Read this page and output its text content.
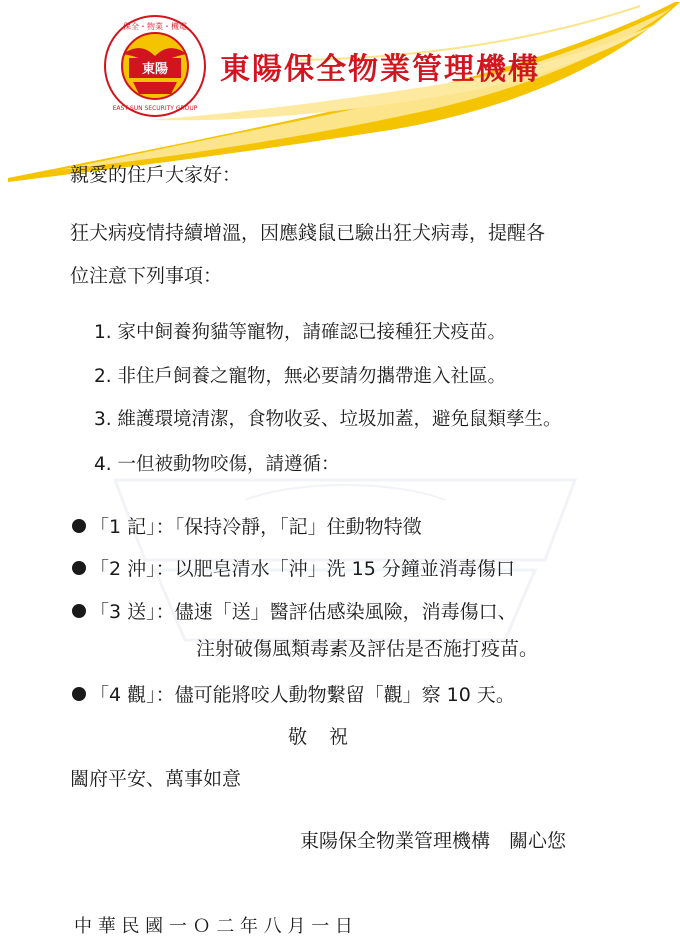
東陽
保全・物業・機電
EAST SUN SECURITY GROUP
東陽保全物業管理機構
親愛的住戶大家好：
狂犬病疫情持續增溫，因應錢鼠已驗出狂犬病毒，提醒各
位注意下列事項：
1. 家中飼養狗貓等寵物，請確認已接種狂犬疫苗。
2. 非住戶飼養之寵物，無必要請勿攜帶進入社區。
3. 維護環境清潔，食物收妥、垃圾加蓋，避免鼠類孳生。
4. 一但被動物咬傷，請遵循：
「1 記」：「保持冷靜，「記」住動物特徵
「2 沖」：以肥皂清水「沖」洗 15 分鐘並消毒傷口
「3 送」：儘速「送」醫評估感染風險，消毒傷口、
注射破傷風類毒素及評估是否施打疫苗。
「4 觀」：儘可能將咬人動物繫留「觀」察 10 天。
敬祝
闔府平安、萬事如意
東陽保全物業管理機構　關心您
中 華 民 國 一 Ｏ 二 年 八 月 一 日
